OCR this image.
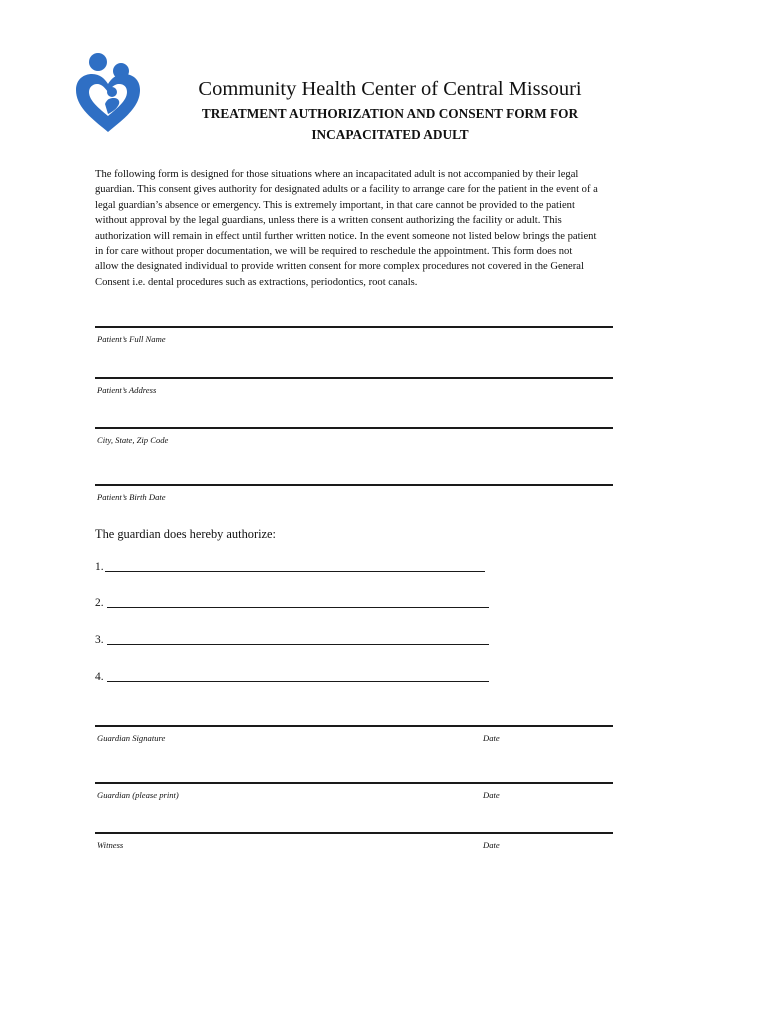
Community Health Center of Central Missouri
TREATMENT AUTHORIZATION AND CONSENT FORM FOR
INCAPACITATED ADULT
The following form is designed for those situations where an incapacitated adult is not accompanied by their legal
guardian. This consent gives authority for designated adults or a facility to arrange care for the patient in the event of a
legal guardian’s absence or emergency. This is extremely important, in that care cannot be provided to the patient
without approval by the legal guardians, unless there is a written consent authorizing the facility or adult. This
authorization will remain in effect until further written notice. In the event someone not listed below brings the patient
in for care without proper documentation, we will be required to reschedule the appointment. This form does not
allow the designated individual to provide written consent for more complex procedures not covered in the General
Consent i.e. dental procedures such as extractions, periodontics, root canals.
Patient’s Full Name
Patient’s Address
City, State, Zip Code
Patient’s Birth Date
The guardian does hereby authorize:
1.
2.
3.
4.
Guardian Signature	Date
Guardian (please print)	Date
Witness	Date
